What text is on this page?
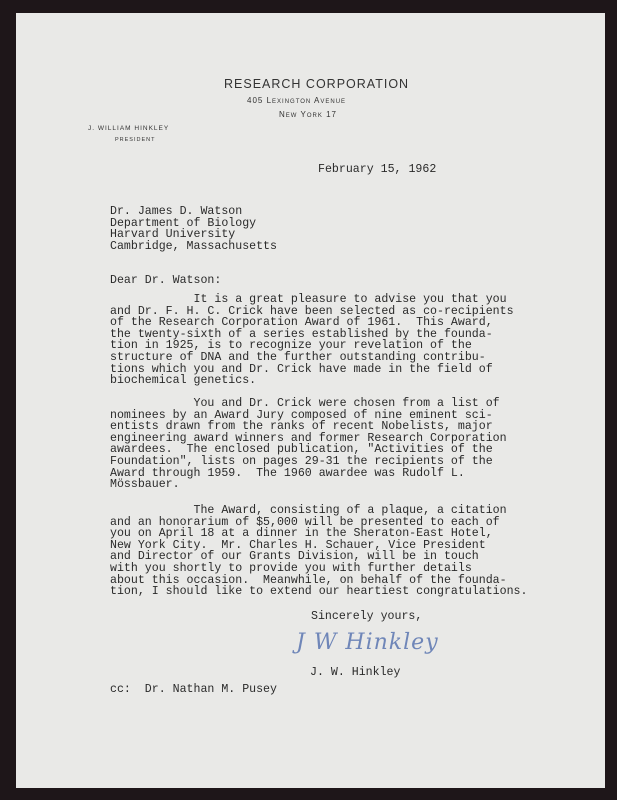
RESEARCH CORPORATION
405 Lexington Avenue
New York 17
J. WILLIAM HINKLEY
PRESIDENT
February 15, 1962
Dr. James D. Watson
Department of Biology
Harvard University
Cambridge, Massachusetts
Dear Dr. Watson:
It is a great pleasure to advise you that you
and Dr. F. H. C. Crick have been selected as co-recipients
of the Research Corporation Award of 1961.  This Award,
the twenty-sixth of a series established by the founda-
tion in 1925, is to recognize your revelation of the
structure of DNA and the further outstanding contribu-
tions which you and Dr. Crick have made in the field of
biochemical genetics.
You and Dr. Crick were chosen from a list of
nominees by an Award Jury composed of nine eminent sci-
entists drawn from the ranks of recent Nobelists, major
engineering award winners and former Research Corporation
awardees.  The enclosed publication, "Activities of the
Foundation", lists on pages 29-31 the recipients of the
Award through 1959.  The 1960 awardee was Rudolf L.
Mössbauer.
The Award, consisting of a plaque, a citation
and an honorarium of $5,000 will be presented to each of
you on April 18 at a dinner in the Sheraton-East Hotel,
New York City.  Mr. Charles H. Schauer, Vice President
and Director of our Grants Division, will be in touch
with you shortly to provide you with further details
about this occasion.  Meanwhile, on behalf of the founda-
tion, I should like to extend our heartiest congratulations.
Sincerely yours,
J W Hinkley
J. W. Hinkley
cc:  Dr. Nathan M. Pusey
